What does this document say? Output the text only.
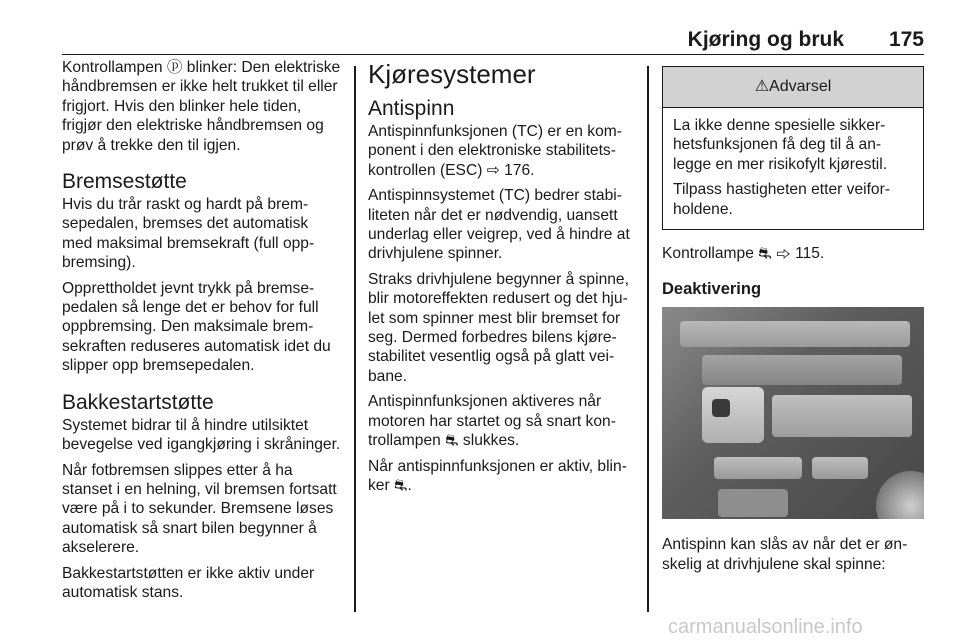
Kjøring og bruk 175

Kontrollampen ⓟ blinker: Den elektriske håndbremsen er ikke helt trukket til eller frigjort. Hvis den blinker hele tiden, frigjør den elektriske håndbremsen og prøv å trekke den til igjen.

Bremsestøtte

Hvis du trår raskt og hardt på bremsepedalen, bremses det automatisk med maksimal bremsekraft (full oppbremsing).

Opprettholdet jevnt trykk på bremsepedalen så lenge det er behov for full oppbremsing. Den maksimale bremsekraften reduseres automatisk idet du slipper opp bremsepedalen.

Bakkestartstøtte

Systemet bidrar til å hindre utilsiktet bevegelse ved igangkjøring i skråninger.

Når fotbremsen slippes etter å ha stanset i en helning, vil bremsen fortsatt være på i to sekunder. Bremsene løses automatisk så snart bilen begynner å akselerere.

Bakkestartstøtten er ikke aktiv under automatisk stans.

Kjøresystemer
Antispinn

Antispinnfunksjonen (TC) er en komponent i den elektroniske stabilitetskontrollen (ESC) ⇨ 176.

Antispinnsystemet (TC) bedrer stabiliteten når det er nødvendig, uansett underlag eller veigrep, ved å hindre at drivhjulene spinner.

Straks drivhjulene begynner å spinne, blir motoreffekten redusert og det hjulet som spinner mest blir bremset for seg. Dermed forbedres bilens kjørestabilitet vesentlig også på glatt veibane.

Antispinnfunksjonen aktiveres når motoren har startet og så snart kontrollampen ⛐ slukkes.

Når antispinnfunksjonen er aktiv, blinker ⛐.

⚠Advarsel

La ikke denne spesielle sikkerhetsfunksjonen få deg til å anlegge en mer risikofylt kjørestil.

Tilpass hastigheten etter veiforholdene.

Kontrollampe ⛐ ⇨ 115.

Deaktivering

Antispinn kan slås av når det er ønskelig at drivhjulene skal spinne:

carmanualsonline.info
